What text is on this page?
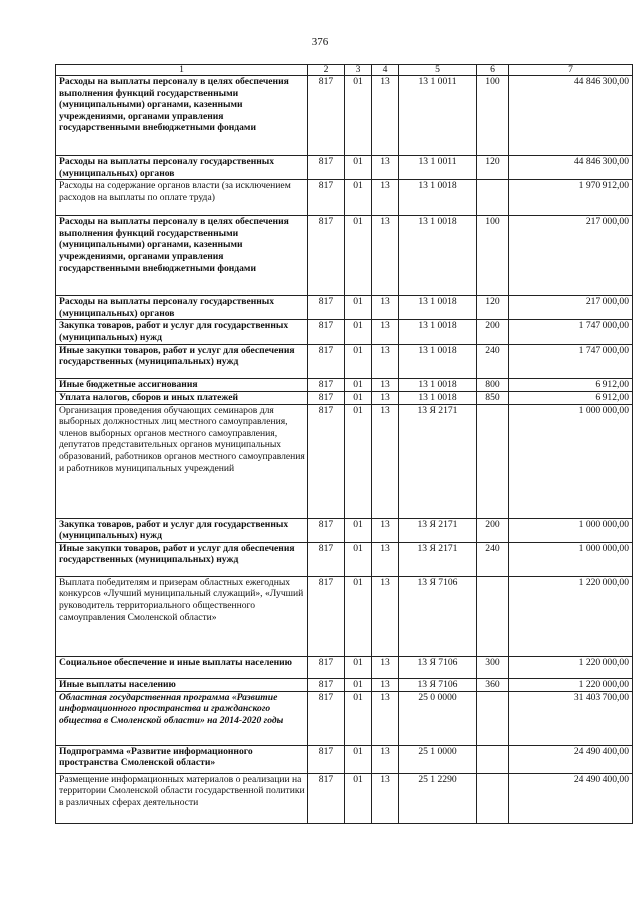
376
1	2	3	4	5	6	7
Расходы на выплаты персоналу в целях обеспечения выполнения функций государственными (муниципальными) органами, казенными учреждениями, органами управления государственными внебюджетными фондами	817	01	13	13 1 0011	100	44 846 300,00
Расходы на выплаты персоналу государственных (муниципальных) органов	817	01	13	13 1 0011	120	44 846 300,00
Расходы на содержание органов власти (за исключением расходов на выплаты по оплате труда)	817	01	13	13 1 0018		1 970 912,00
Расходы на выплаты персоналу в целях обеспечения выполнения функций государственными (муниципальными) органами, казенными учреждениями, органами управления государственными внебюджетными фондами	817	01	13	13 1 0018	100	217 000,00
Расходы на выплаты персоналу государственных (муниципальных) органов	817	01	13	13 1 0018	120	217 000,00
Закупка товаров, работ и услуг для государственных (муниципальных) нужд	817	01	13	13 1 0018	200	1 747 000,00
Иные закупки товаров, работ и услуг для обеспечения государственных (муниципальных) нужд	817	01	13	13 1 0018	240	1 747 000,00
Иные бюджетные ассигнования	817	01	13	13 1 0018	800	6 912,00
Уплата налогов, сборов и иных платежей	817	01	13	13 1 0018	850	6 912,00
Организация проведения обучающих семинаров для выборных должностных лиц местного самоуправления, членов выборных органов местного самоуправления, депутатов представительных органов муниципальных образований, работников органов местного самоуправления и работников муниципальных учреждений	817	01	13	13 Я 2171		1 000 000,00
Закупка товаров, работ и услуг для государственных (муниципальных) нужд	817	01	13	13 Я 2171	200	1 000 000,00
Иные закупки товаров, работ и услуг для обеспечения государственных (муниципальных) нужд	817	01	13	13 Я 2171	240	1 000 000,00
Выплата победителям и призерам областных ежегодных конкурсов «Лучший муниципальный служащий», «Лучший руководитель территориального общественного самоуправления Смоленской области»	817	01	13	13 Я 7106		1 220 000,00
Социальное обеспечение и иные выплаты населению	817	01	13	13 Я 7106	300	1 220 000,00
Иные выплаты населению	817	01	13	13 Я 7106	360	1 220 000,00
Областная государственная программа «Развитие информационного пространства и гражданского общества в Смоленской области» на 2014-2020 годы	817	01	13	25 0 0000		31 403 700,00
Подпрограмма «Развитие информационного пространства Смоленской области»	817	01	13	25 1 0000		24 490 400,00
Размещение информационных материалов о реализации на территории Смоленской области государственной политики в различных сферах деятельности	817	01	13	25 1 2290		24 490 400,00
